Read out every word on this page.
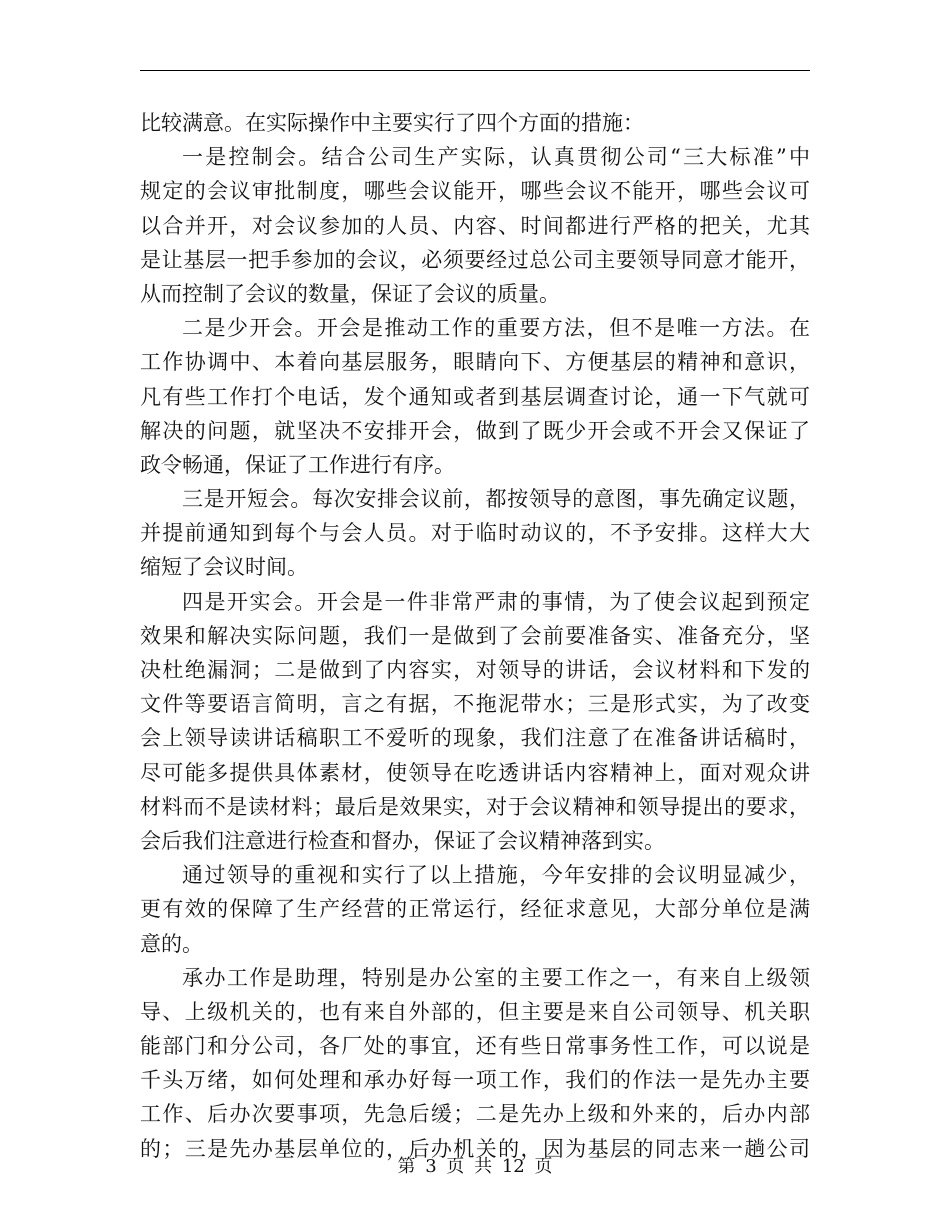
比较满意。在实际操作中主要实行了四个方面的措施：
一是控制会。结合公司生产实际，认真贯彻公司“三大标准”中
规定的会议审批制度，哪些会议能开，哪些会议不能开，哪些会议可
以合并开，对会议参加的人员、内容、时间都进行严格的把关，尤其
是让基层一把手参加的会议，必须要经过总公司主要领导同意才能开，
从而控制了会议的数量，保证了会议的质量。
二是少开会。开会是推动工作的重要方法，但不是唯一方法。在
工作协调中、本着向基层服务，眼睛向下、方便基层的精神和意识，
凡有些工作打个电话，发个通知或者到基层调查讨论，通一下气就可
解决的问题，就坚决不安排开会，做到了既少开会或不开会又保证了
政令畅通，保证了工作进行有序。
三是开短会。每次安排会议前，都按领导的意图，事先确定议题，
并提前通知到每个与会人员。对于临时动议的，不予安排。这样大大
缩短了会议时间。
四是开实会。开会是一件非常严肃的事情，为了使会议起到预定
效果和解决实际问题，我们一是做到了会前要准备实、准备充分，坚
决杜绝漏洞；二是做到了内容实，对领导的讲话，会议材料和下发的
文件等要语言简明，言之有据，不拖泥带水；三是形式实，为了改变
会上领导读讲话稿职工不爱听的现象，我们注意了在准备讲话稿时，
尽可能多提供具体素材，使领导在吃透讲话内容精神上，面对观众讲
材料而不是读材料；最后是效果实，对于会议精神和领导提出的要求，
会后我们注意进行检查和督办，保证了会议精神落到实。
通过领导的重视和实行了以上措施，今年安排的会议明显减少，
更有效的保障了生产经营的正常运行，经征求意见，大部分单位是满
意的。
承办工作是助理，特别是办公室的主要工作之一，有来自上级领
导、上级机关的，也有来自外部的，但主要是来自公司领导、机关职
能部门和分公司，各厂处的事宜，还有些日常事务性工作，可以说是
千头万绪，如何处理和承办好每一项工作，我们的作法一是先办主要
工作、后办次要事项，先急后缓；二是先办上级和外来的，后办内部
的；三是先办基层单位的，后办机关的，因为基层的同志来一趟公司
第 3 页 共 12 页
